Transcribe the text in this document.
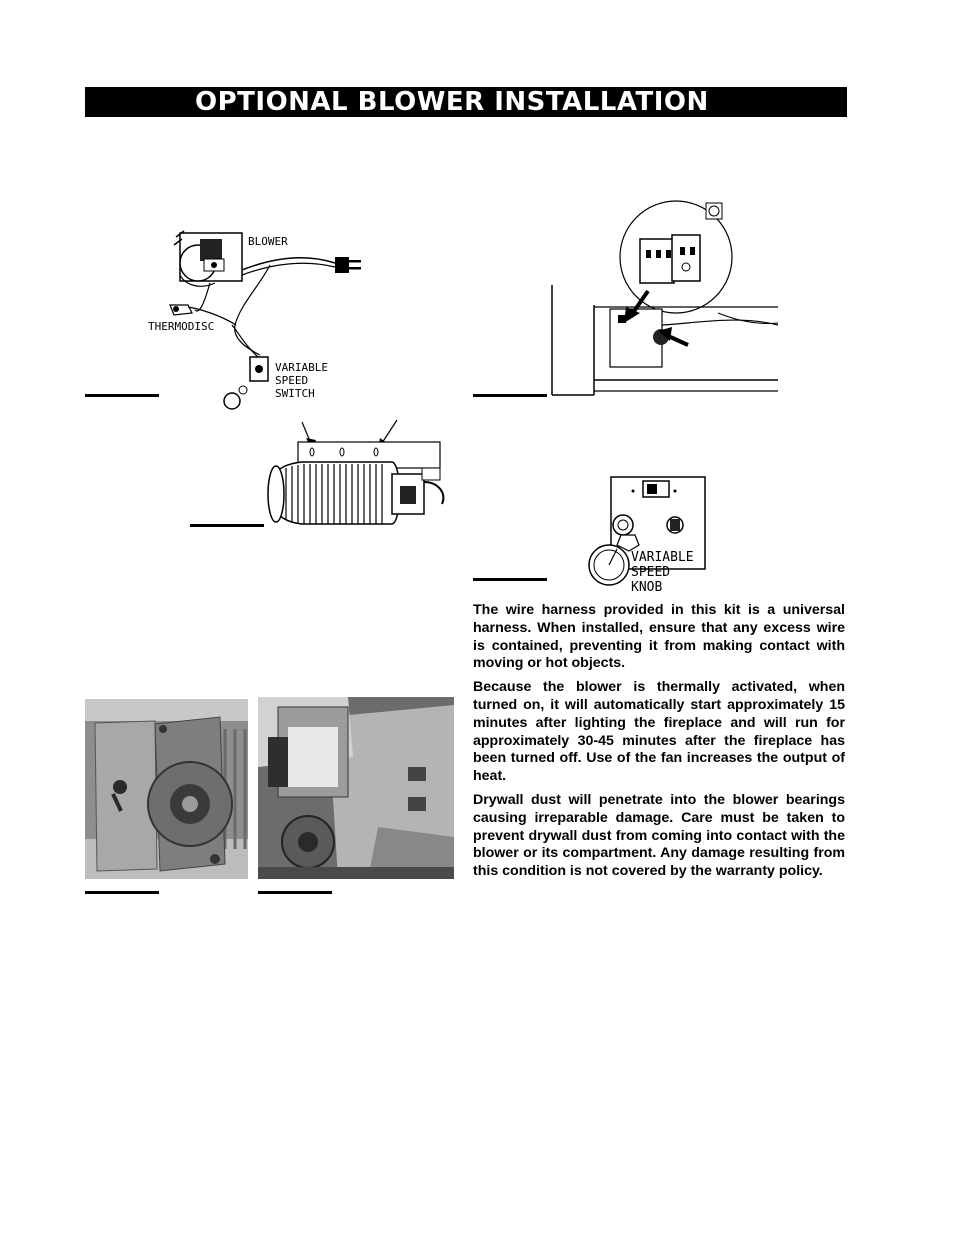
OPTIONAL BLOWER INSTALLATION
THERMODISC
VARIABLE
SPEED
SWITCH
BLOWER
VARIABLE
SPEED
KNOB

The wire harness provided in this kit is a universal harness. When installed, ensure that any excess wire is contained, preventing it from making contact with moving or hot objects.

Because the blower is thermally activated, when turned on, it will automatically start approximately 15 minutes after lighting the fireplace and will run for approximately 30-45 minutes after the fireplace has been turned off. Use of the fan increases the output of heat.

Drywall dust will penetrate into the blower bearings causing irreparable damage. Care must be taken to prevent drywall dust from coming into contact with the blower or its compartment. Any damage resulting from this condition is not covered by the warranty policy.
